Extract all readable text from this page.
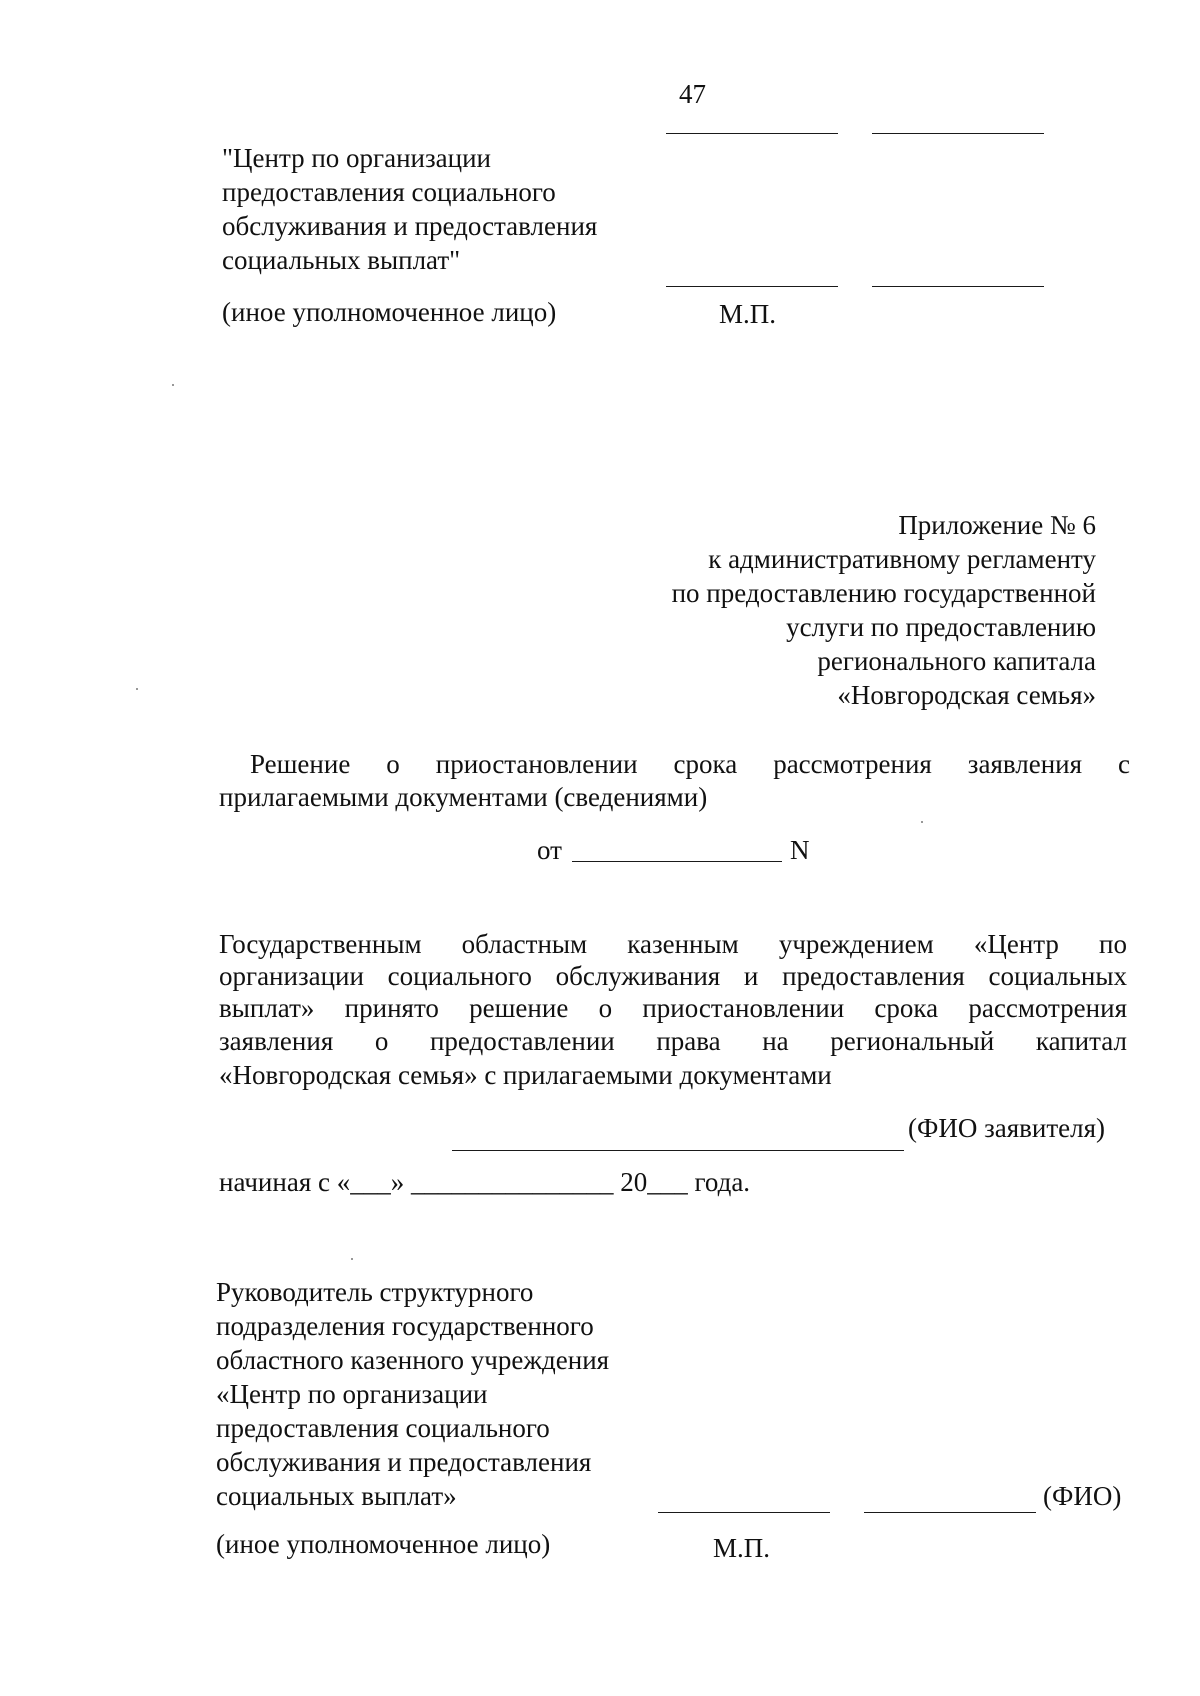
47
"Центр по организации
предоставления социального
обслуживания и предоставления
социальных выплат"
(иное уполномоченное лицо)	М.П.
Приложение № 6
к административному регламенту
по предоставлению государственной
услуги по предоставлению
регионального капитала
«Новгородская семья»
Решение о приостановлении срока рассмотрения заявления с
прилагаемыми документами (сведениями)
от	N
Государственным областным казенным учреждением «Центр по
организации социального обслуживания и предоставления социальных
выплат» принято решение о приостановлении срока рассмотрения
заявления о предоставлении права на региональный капитал
«Новгородская семья» с прилагаемыми документами
(ФИО заявителя)
начиная с «___» _______________ 20___ года.
Руководитель структурного
подразделения государственного
областного казенного учреждения
«Центр по организации
предоставления социального
обслуживания и предоставления
социальных выплат»	(ФИО)
(иное уполномоченное лицо)	М.П.
